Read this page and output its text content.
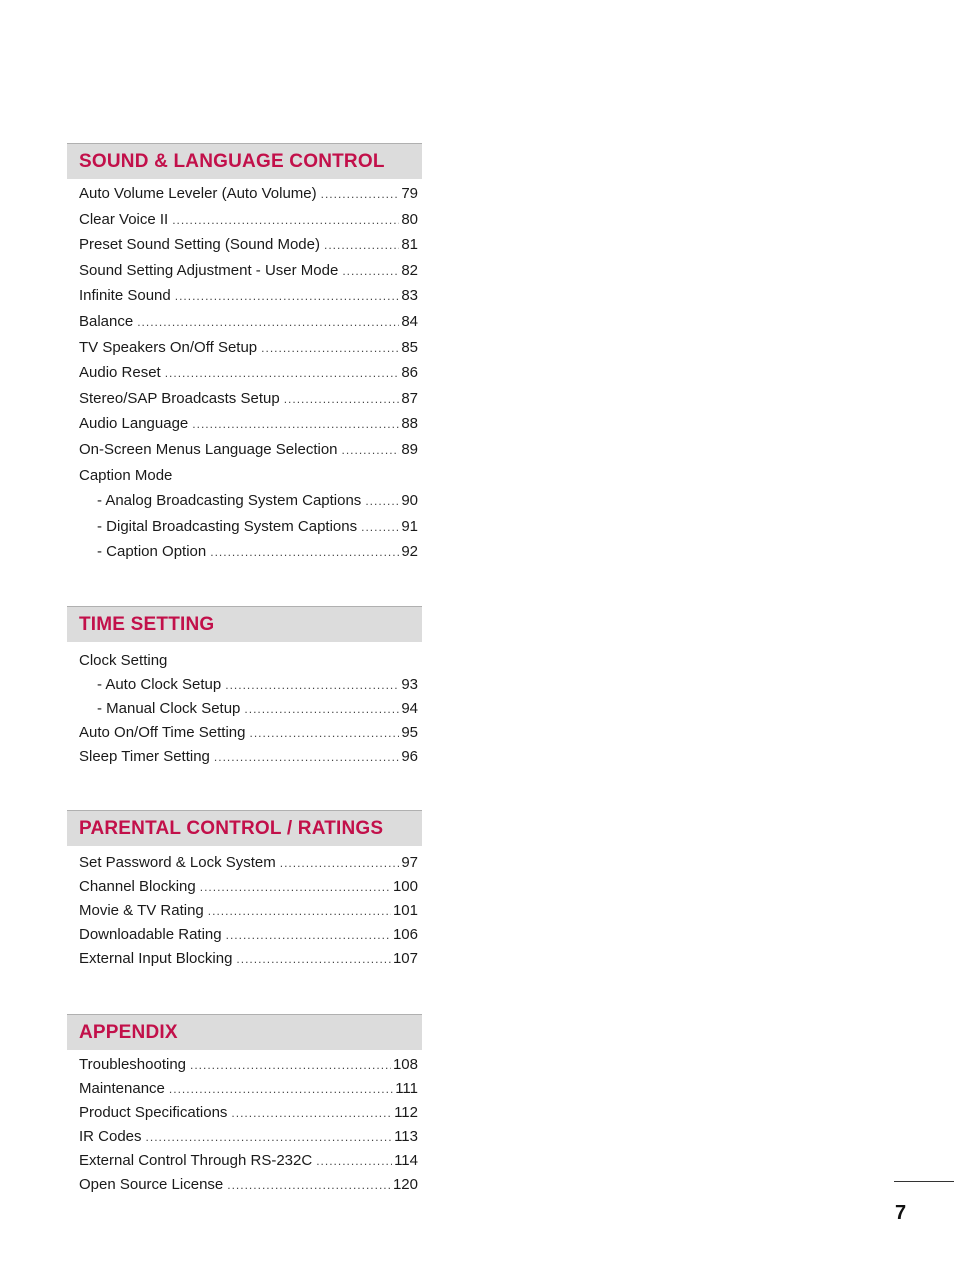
SOUND & LANGUAGE CONTROL
Auto Volume Leveler (Auto Volume) .....	79
Clear Voice II .....	80
Preset Sound Setting (Sound Mode) .....	81
Sound Setting Adjustment - User Mode .....	82
Infinite Sound .....	83
Balance .....	84
TV Speakers On/Off Setup .....	85
Audio Reset .....	86
Stereo/SAP Broadcasts Setup .....	87
Audio Language .....	88
On-Screen Menus Language Selection .....	89
Caption Mode
- Analog Broadcasting System Captions .....	90
- Digital Broadcasting System Captions .....	91
- Caption Option .....	92
TIME SETTING
Clock Setting
- Auto Clock Setup .....	93
- Manual Clock Setup .....	94
Auto On/Off Time Setting .....	95
Sleep Timer Setting .....	96
PARENTAL CONTROL / RATINGS
Set Password & Lock System .....	97
Channel Blocking .....	100
Movie & TV Rating .....	101
Downloadable Rating .....	106
External Input Blocking .....	107
APPENDIX
Troubleshooting .....	108
Maintenance .....	111
Product Specifications .....	112
IR Codes .....	113
External Control Through RS-232C .....	114
Open Source License .....	120
7
